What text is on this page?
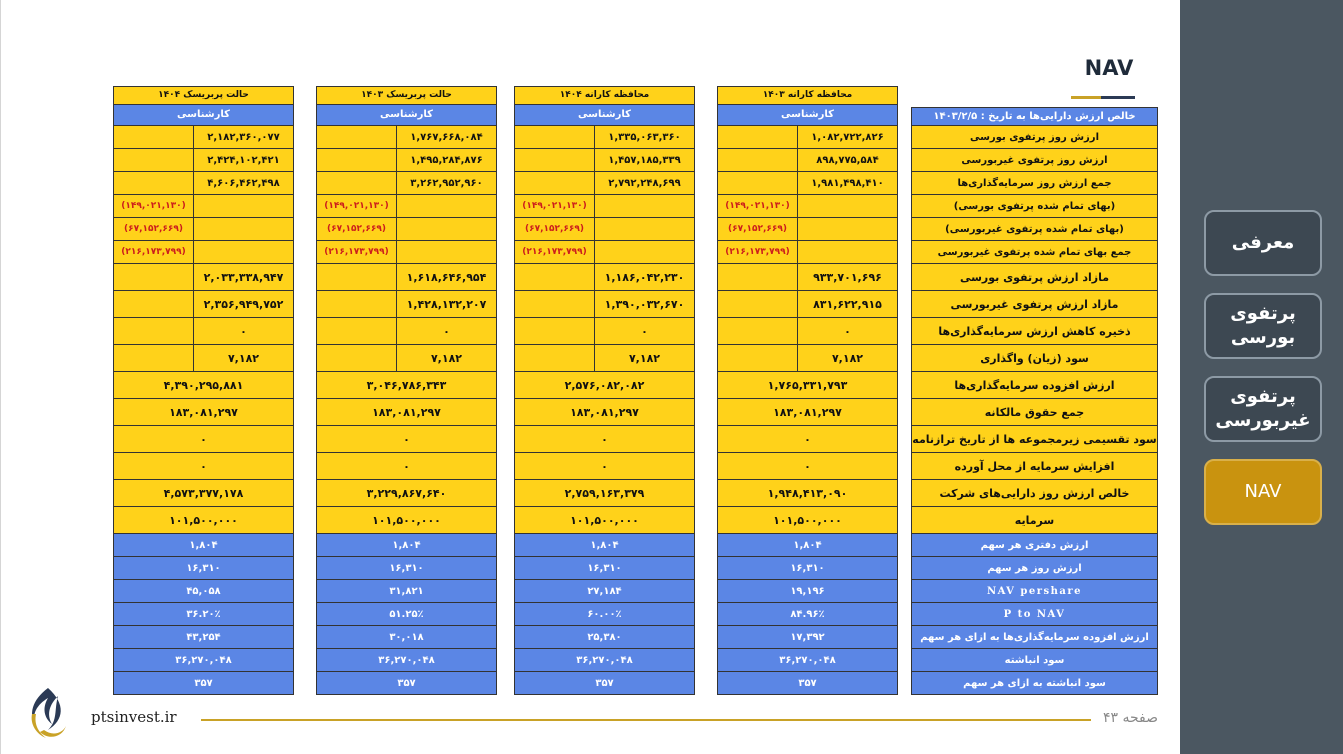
NAV
حالت پربریسک ۱۴۰۴
کارشناسی
۲,۱۸۲,۳۶۰,۰۷۷
۲,۴۲۴,۱۰۲,۴۲۱
۴,۶۰۶,۴۶۲,۴۹۸
(۱۴۹,۰۲۱,۱۳۰)
(۶۷,۱۵۲,۶۶۹)
(۲۱۶,۱۷۳,۷۹۹)
۲,۰۳۳,۳۳۸,۹۴۷
۲,۳۵۶,۹۴۹,۷۵۲
۰
۷,۱۸۲
۴,۳۹۰,۲۹۵,۸۸۱
۱۸۳,۰۸۱,۲۹۷
۰
۰
۴,۵۷۳,۳۷۷,۱۷۸
۱۰۱,۵۰۰,۰۰۰
۱,۸۰۴
۱۶,۳۱۰
۴۵,۰۵۸
۳۶.۲۰٪
۴۳,۲۵۴
۳۶,۲۷۰,۰۴۸
۳۵۷
حالت پربریسک ۱۴۰۳
کارشناسی
۱,۷۶۷,۶۶۸,۰۸۴
۱,۴۹۵,۲۸۴,۸۷۶
۳,۲۶۲,۹۵۲,۹۶۰
(۱۴۹,۰۲۱,۱۳۰)
(۶۷,۱۵۲,۶۶۹)
(۲۱۶,۱۷۳,۷۹۹)
۱,۶۱۸,۶۴۶,۹۵۴
۱,۴۲۸,۱۳۲,۲۰۷
۰
۷,۱۸۲
۳,۰۴۶,۷۸۶,۳۴۳
۱۸۳,۰۸۱,۲۹۷
۰
۰
۳,۲۲۹,۸۶۷,۶۴۰
۱۰۱,۵۰۰,۰۰۰
۱,۸۰۴
۱۶,۳۱۰
۳۱,۸۲۱
۵۱.۲۵٪
۳۰,۰۱۸
۳۶,۲۷۰,۰۴۸
۳۵۷
محافظه کارانه ۱۴۰۴
کارشناسی
۱,۳۳۵,۰۶۳,۳۶۰
۱,۴۵۷,۱۸۵,۳۳۹
۲,۷۹۲,۲۴۸,۶۹۹
(۱۴۹,۰۲۱,۱۳۰)
(۶۷,۱۵۲,۶۶۹)
(۲۱۶,۱۷۳,۷۹۹)
۱,۱۸۶,۰۴۲,۲۳۰
۱,۳۹۰,۰۳۲,۶۷۰
۰
۷,۱۸۲
۲,۵۷۶,۰۸۲,۰۸۲
۱۸۳,۰۸۱,۲۹۷
۰
۰
۲,۷۵۹,۱۶۳,۳۷۹
۱۰۱,۵۰۰,۰۰۰
۱,۸۰۴
۱۶,۳۱۰
۲۷,۱۸۴
۶۰.۰۰٪
۲۵,۳۸۰
۳۶,۲۷۰,۰۴۸
۳۵۷
محافظه کارانه ۱۴۰۳
کارشناسی
۱,۰۸۲,۷۲۲,۸۲۶
۸۹۸,۷۷۵,۵۸۴
۱,۹۸۱,۴۹۸,۴۱۰
(۱۴۹,۰۲۱,۱۳۰)
(۶۷,۱۵۲,۶۶۹)
(۲۱۶,۱۷۳,۷۹۹)
۹۳۳,۷۰۱,۶۹۶
۸۳۱,۶۲۲,۹۱۵
۰
۷,۱۸۲
۱,۷۶۵,۳۳۱,۷۹۳
۱۸۳,۰۸۱,۲۹۷
۰
۰
۱,۹۴۸,۴۱۳,۰۹۰
۱۰۱,۵۰۰,۰۰۰
۱,۸۰۴
۱۶,۳۱۰
۱۹,۱۹۶
۸۴.۹۶٪
۱۷,۳۹۲
۳۶,۲۷۰,۰۴۸
۳۵۷
خالص ارزش دارایی‌ها به تاریخ : ۱۴۰۳/۲/۵
ارزش روز پرتفوی بورسی
ارزش روز پرتفوی غیربورسی
جمع ارزش روز سرمایه‌گذاری‌ها
(بهای تمام شده پرتفوی بورسی)
(بهای تمام شده پرتفوی غیربورسی)
جمع بهای تمام شده پرتفوی غیربورسی
مازاد ارزش پرتفوی بورسی
مازاد ارزش پرتفوی غیربورسی
ذخیره کاهش ارزش سرمایه‌گذاری‌ها
سود (زیان) واگذاری
ارزش افزوده سرمایه‌گذاری‌ها
جمع حقوق مالکانه
سود تقسیمی زیرمجموعه ها از تاریخ ترازنامه
افزایش سرمایه از محل آورده
خالص ارزش روز دارایی‌های شرکت
سرمایه
ارزش دفتری هر سهم
ارزش روز هر سهم
NAV pershare
P to NAV
ارزش افزوده سرمایه‌گذاری‌ها به ازای هر سهم
سود انباشته
سود انباشته به ازای هر سهم
ptsinvest.ir	صفحه ۴۳
معرفی
پرتفوی بورسی
پرتفوی غیربورسی
NAV
